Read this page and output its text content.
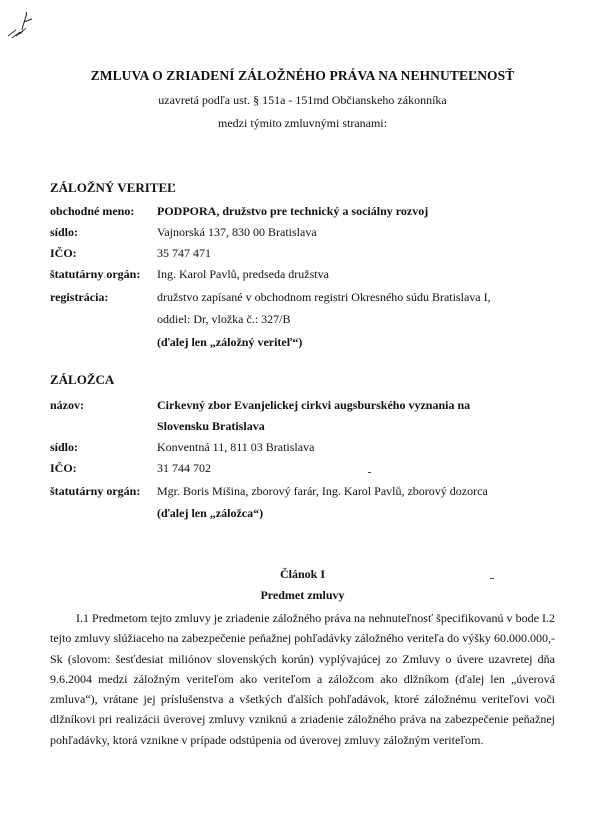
ZMLUVA O ZRIADENÍ ZÁLOŽNÉHO PRÁVA NA NEHNUTEĽNOSŤ
uzavretá podľa ust. § 151a - 151md Občianskeho zákonníka
medzi týmito zmluvnými stranami:
ZÁLOŽNÝ VERITEĽ
obchodné meno: PODPORA, družstvo pre technický a sociálny rozvoj
sídlo:	Vajnorská 137, 830 00 Bratislava
IČO:	35 747 471
štatutárny orgán: Ing. Karol Pavlů, predseda družstva
registrácia:	družstvo zapísané v obchodnom registri Okresného súdu Bratislava I,
oddiel: Dr, vložka č.: 327/B
(ďalej len „záložný veriteľ“)
ZÁLOŽCA
názov:	Cirkevný zbor Evanjelickej cirkvi augsburského vyznania na
Slovensku Bratislava
sídlo:	Konventná 11, 811 03 Bratislava
IČO:	31 744 702
štatutárny orgán: Mgr. Boris Mišina, zborový farár, Ing. Karol Pavlů, zborový dozorca
(ďalej len „záložca“)
Článok I
Predmet zmluvy
I.1 Predmetom tejto zmluvy je zriadenie záložného práva na nehnuteľnosť špecifikovanú v bode I.2 tejto zmluvy slúžiaceho na zabezpečenie peňažnej pohľadávky záložného veriteľa do výšky 60.000.000,- Sk (slovom: šesťdesiat miliónov slovenských korún) vyplývajúcej zo Zmluvy o úvere uzavretej dňa 9.6.2004 medzi záložným veriteľom ako veriteľom a záložcom ako dlžníkom (ďalej len „úverová zmluva“), vrátane jej príslušenstva a všetkých ďalších pohľadávok, ktoré záložnému veriteľovi voči dlžníkovi pri realizácii úverovej zmluvy vzniknú a zriadenie záložného práva na zabezpečenie peňažnej pohľadávky, ktorá vznikne v prípade odstúpenia od úverovej zmluvy záložným veriteľom.
